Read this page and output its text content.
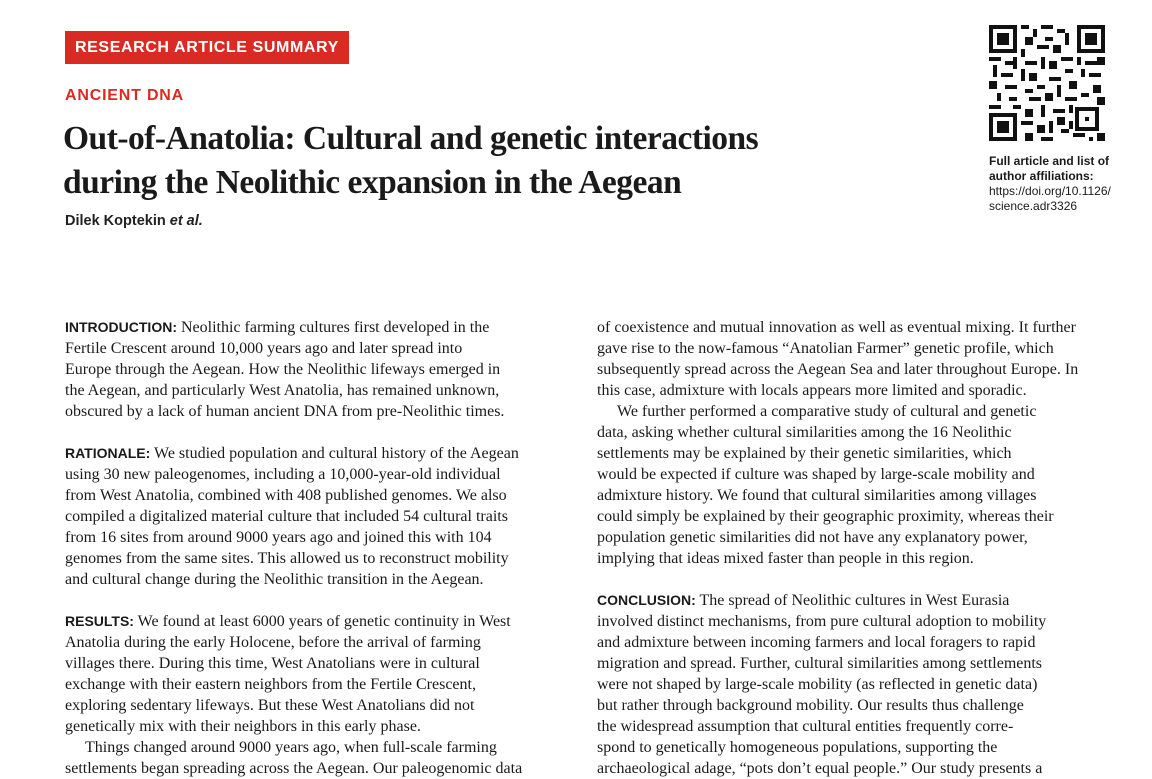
RESEARCH ARTICLE SUMMARY
ANCIENT DNA
Out-of-Anatolia: Cultural and genetic interactions
during the Neolithic expansion in the Aegean
Dilek Koptekin et al.
Full article and list of
author affiliations:
https://doi.org/10.1126/
science.adr3326

INTRODUCTION: Neolithic farming cultures first developed in the

Fertile Crescent around 10,000 years ago and later spread into

Europe through the Aegean. How the Neolithic lifeways emerged in

the Aegean, and particularly West Anatolia, has remained unknown,

obscured by a lack of human ancient DNA from pre-Neolithic times.

RATIONALE: We studied population and cultural history of the Aegean

using 30 new paleogenomes, including a 10,000-year-old individual

from West Anatolia, combined with 408 published genomes. We also

compiled a digitalized material culture that included 54 cultural traits

from 16 sites from around 9000 years ago and joined this with 104

genomes from the same sites. This allowed us to reconstruct mobility

and cultural change during the Neolithic transition in the Aegean.

RESULTS: We found at least 6000 years of genetic continuity in West

Anatolia during the early Holocene, before the arrival of farming

villages there. During this time, West Anatolians were in cultural

exchange with their eastern neighbors from the Fertile Crescent,

exploring sedentary lifeways. But these West Anatolians did not

genetically mix with their neighbors in this early phase.

Things changed around 9000 years ago, when full-scale farming

settlements began spreading across the Aegean. Our paleogenomic data

of coexistence and mutual innovation as well as eventual mixing. It further

gave rise to the now-famous “Anatolian Farmer” genetic profile, which

subsequently spread across the Aegean Sea and later throughout Europe. In

this case, admixture with locals appears more limited and sporadic.

We further performed a comparative study of cultural and genetic

data, asking whether cultural similarities among the 16 Neolithic

settlements may be explained by their genetic similarities, which

would be expected if culture was shaped by large-scale mobility and

admixture history. We found that cultural similarities among villages

could simply be explained by their geographic proximity, whereas their

population genetic similarities did not have any explanatory power,

implying that ideas mixed faster than people in this region.

CONCLUSION: The spread of Neolithic cultures in West Eurasia

involved distinct mechanisms, from pure cultural adoption to mobility

and admixture between incoming farmers and local foragers to rapid

migration and spread. Further, cultural similarities among settlements

were not shaped by large-scale mobility (as reflected in genetic data)

but rather through background mobility. Our results thus challenge

the widespread assumption that cultural entities frequently corre-

spond to genetically homogeneous populations, supporting the

archaeological adage, “pots don’t equal people.” Our study presents a
